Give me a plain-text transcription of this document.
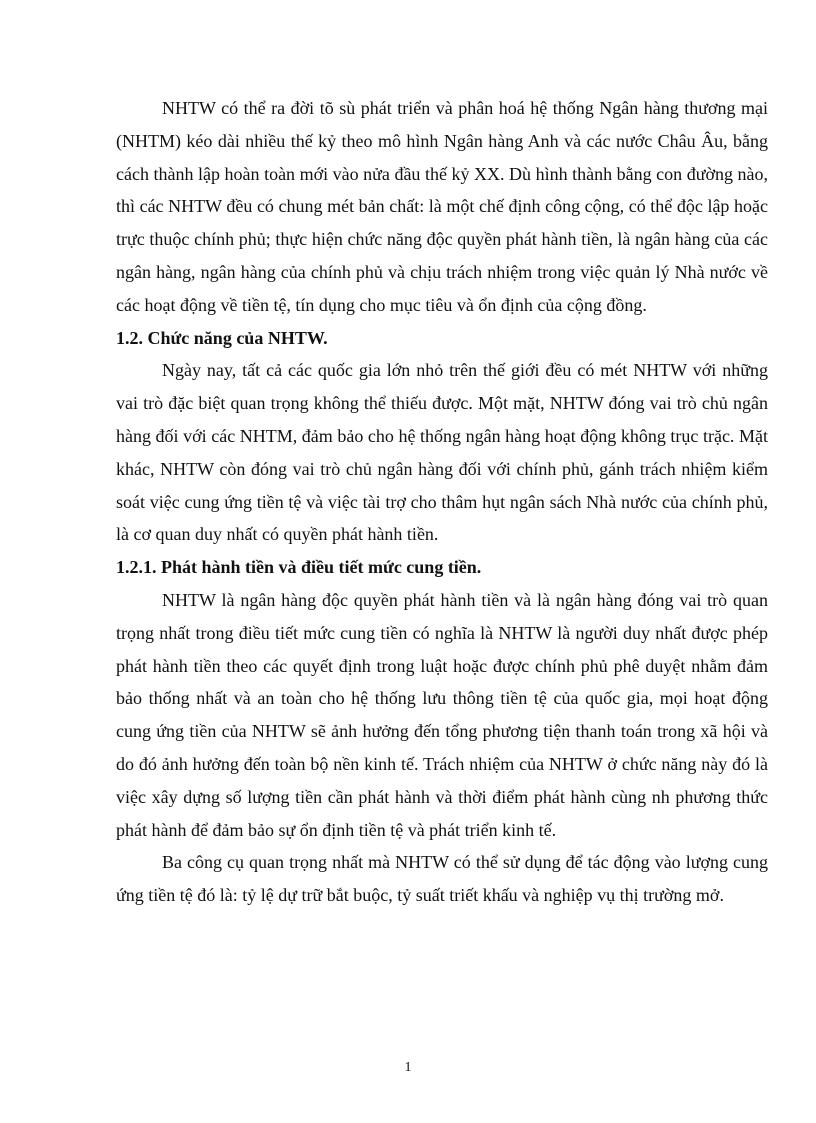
NHTW có thể ra đời tõ sù phát triển và phân hoá hệ thống Ngân hàng thương mại (NHTM) kéo dài nhiều thế kỷ theo mô hình Ngân hàng Anh và các nước Châu Âu, bằng cách thành lập hoàn toàn mới vào nửa đầu thế kỷ XX. Dù hình thành bằng con đường nào, thì các NHTW đều có chung mét bản chất: là một chế định công cộng, có thể độc lập hoặc trực thuộc chính phủ; thực hiện chức năng độc quyền phát hành tiền, là ngân hàng của các ngân hàng, ngân hàng của chính phủ và chịu trách nhiệm trong việc quản lý Nhà nước về các hoạt động về tiền tệ, tín dụng cho mục tiêu và ổn định của cộng đồng.

1.2. Chức năng của NHTW.

Ngày nay, tất cả các quốc gia lớn nhỏ trên thế giới đều có mét NHTW với những vai trò đặc biệt quan trọng không thể thiếu được. Một mặt, NHTW đóng vai trò chủ ngân hàng đối với các NHTM, đảm bảo cho hệ thống ngân hàng hoạt động không trục trặc. Mặt khác, NHTW còn đóng vai trò chủ ngân hàng đối với chính phủ, gánh trách nhiệm kiểm soát việc cung ứng tiền tệ và việc tài trợ cho thâm hụt ngân sách Nhà nước của chính phủ, là cơ quan duy nhất có quyền phát hành tiền.

1.2.1. Phát hành tiền và điều tiết mức cung tiền.

NHTW là ngân hàng độc quyền phát hành tiền và là ngân hàng đóng vai trò quan trọng nhất trong điều tiết mức cung tiền có nghĩa là NHTW là người duy nhất được phép phát hành tiền theo các quyết định trong luật hoặc được chính phủ phê duyệt nhằm đảm bảo thống nhất và an toàn cho hệ thống lưu thông tiền tệ của quốc gia, mọi hoạt động cung ứng tiền của NHTW sẽ ảnh hưởng đến tổng phương tiện thanh toán trong xã hội và do đó ảnh hưởng đến toàn bộ nền kinh tế. Trách nhiệm của NHTW ở chức năng này đó là việc xây dựng số lượng tiền cần phát hành và thời điểm phát hành cùng nh phương thức phát hành để đảm bảo sự ổn định tiền tệ và phát triển kinh tế.

Ba công cụ quan trọng nhất mà NHTW có thể sử dụng để tác động vào lượng cung ứng tiền tệ đó là: tỷ lệ dự trữ bắt buộc, tỷ suất triết khấu và nghiệp vụ thị trường mở.

1
